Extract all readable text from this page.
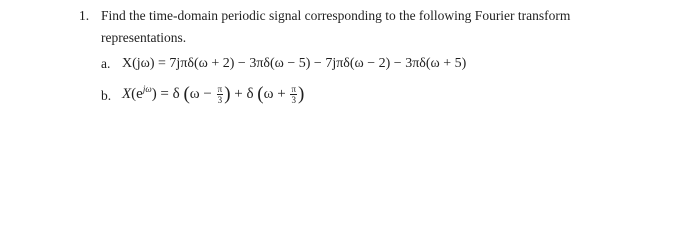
1. Find the time-domain periodic signal corresponding to the following Fourier transform
representations.
a. X(jω) = 7jπδ(ω + 2) − 3πδ(ω − 5) − 7jπδ(ω − 2) − 3πδ(ω + 5)
b. $X(e^{j\omega}) = \delta$ ($\omega - \frac{\pi}{3}$ ) + δ ($\omega + \frac{\pi}{3}$ )
